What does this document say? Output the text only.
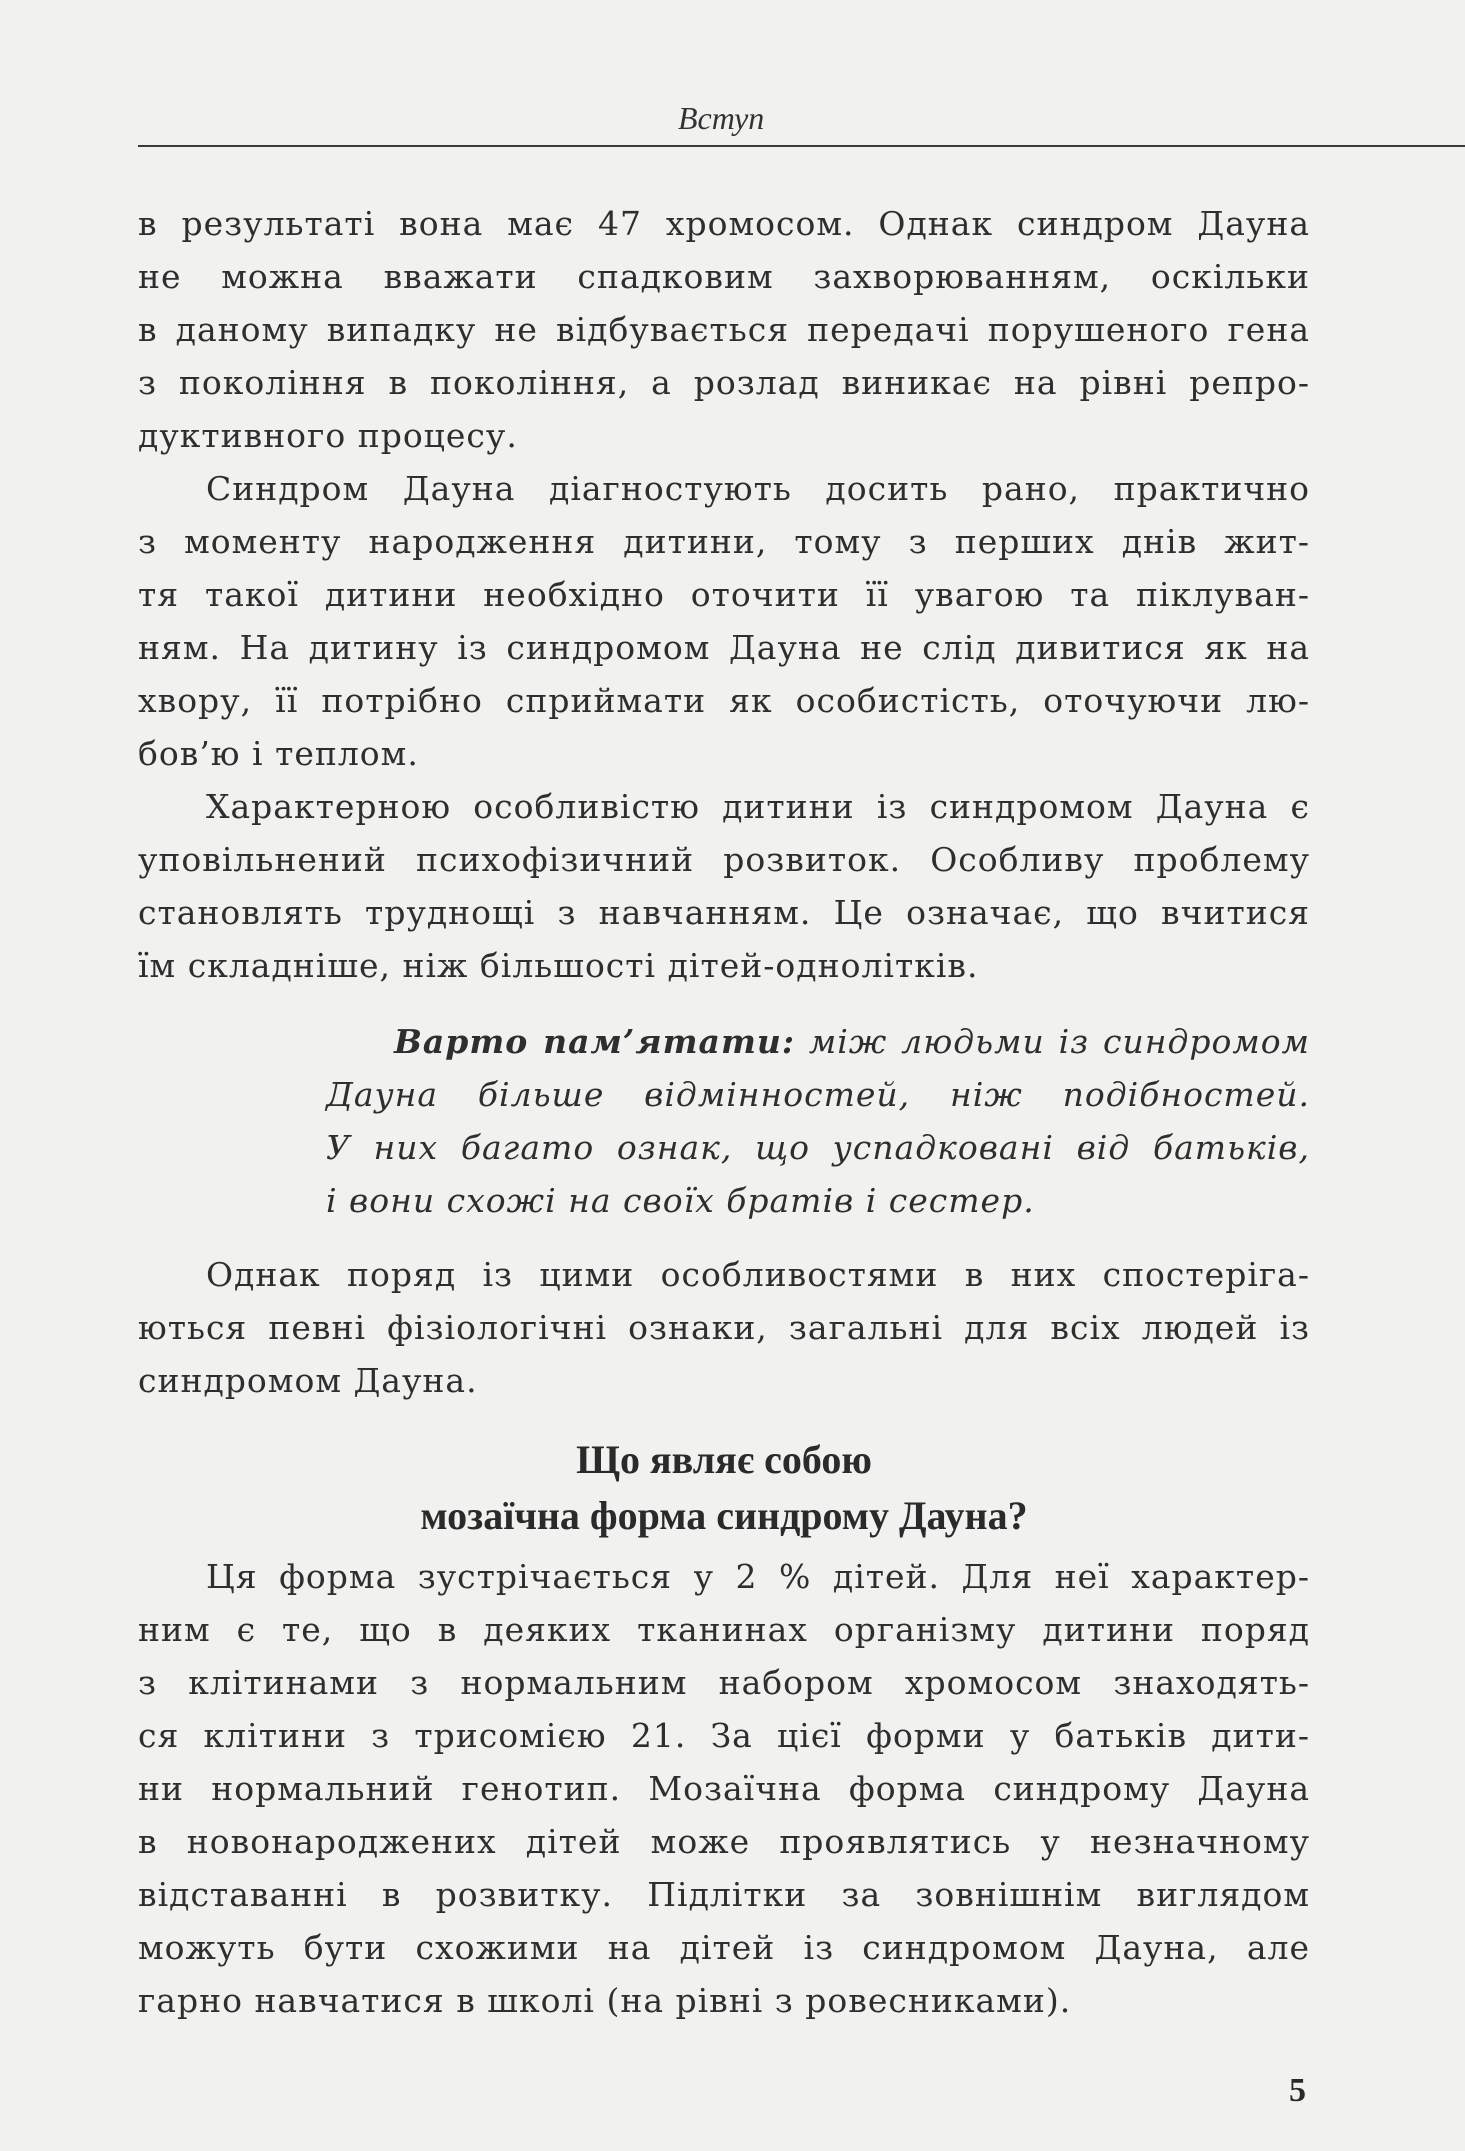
Вступ
в результаті вона має 47 хромосом. Однак синдром Дауна
не можна вважати спадковим захворюванням, оскільки
в даному випадку не відбувається передачі порушеного гена
з покоління в покоління, а розлад виникає на рівні репро-
дуктивного процесу.
Синдром Дауна діагностують досить рано, практично
з моменту народження дитини, тому з перших днів жит-
тя такої дитини необхідно оточити її увагою та піклуван-
ням. На дитину із синдромом Дауна не слід дивитися як на
хвору, її потрібно сприймати як особистість, оточуючи лю-
бов’ю і теплом.
Характерною особливістю дитини із синдромом Дауна є
уповільнений психофізичний розвиток. Особливу проблему
становлять труднощі з навчанням. Це означає, що вчитися
їм складніше, ніж більшості дітей-однолітків.
Варто пам’ятати: між людьми із синдромом
Дауна більше відмінностей, ніж подібностей.
У них багато ознак, що успадковані від батьків,
і вони схожі на своїх братів і сестер.
Однак поряд із цими особливостями в них спостеріга-
ються певні фізіологічні ознаки, загальні для всіх людей із
синдромом Дауна.
Що являє собою
мозаїчна форма синдрому Дауна?
Ця форма зустрічається у 2 % дітей. Для неї характер-
ним є те, що в деяких тканинах організму дитини поряд
з клітинами з нормальним набором хромосом знаходять-
ся клітини з трисомією 21. За цієї форми у батьків дити-
ни нормальний генотип. Мозаїчна форма синдрому Дауна
в новонароджених дітей може проявлятись у незначному
відставанні в розвитку. Підлітки за зовнішнім виглядом
можуть бути схожими на дітей із синдромом Дауна, але
гарно навчатися в школі (на рівні з ровесниками).
5
